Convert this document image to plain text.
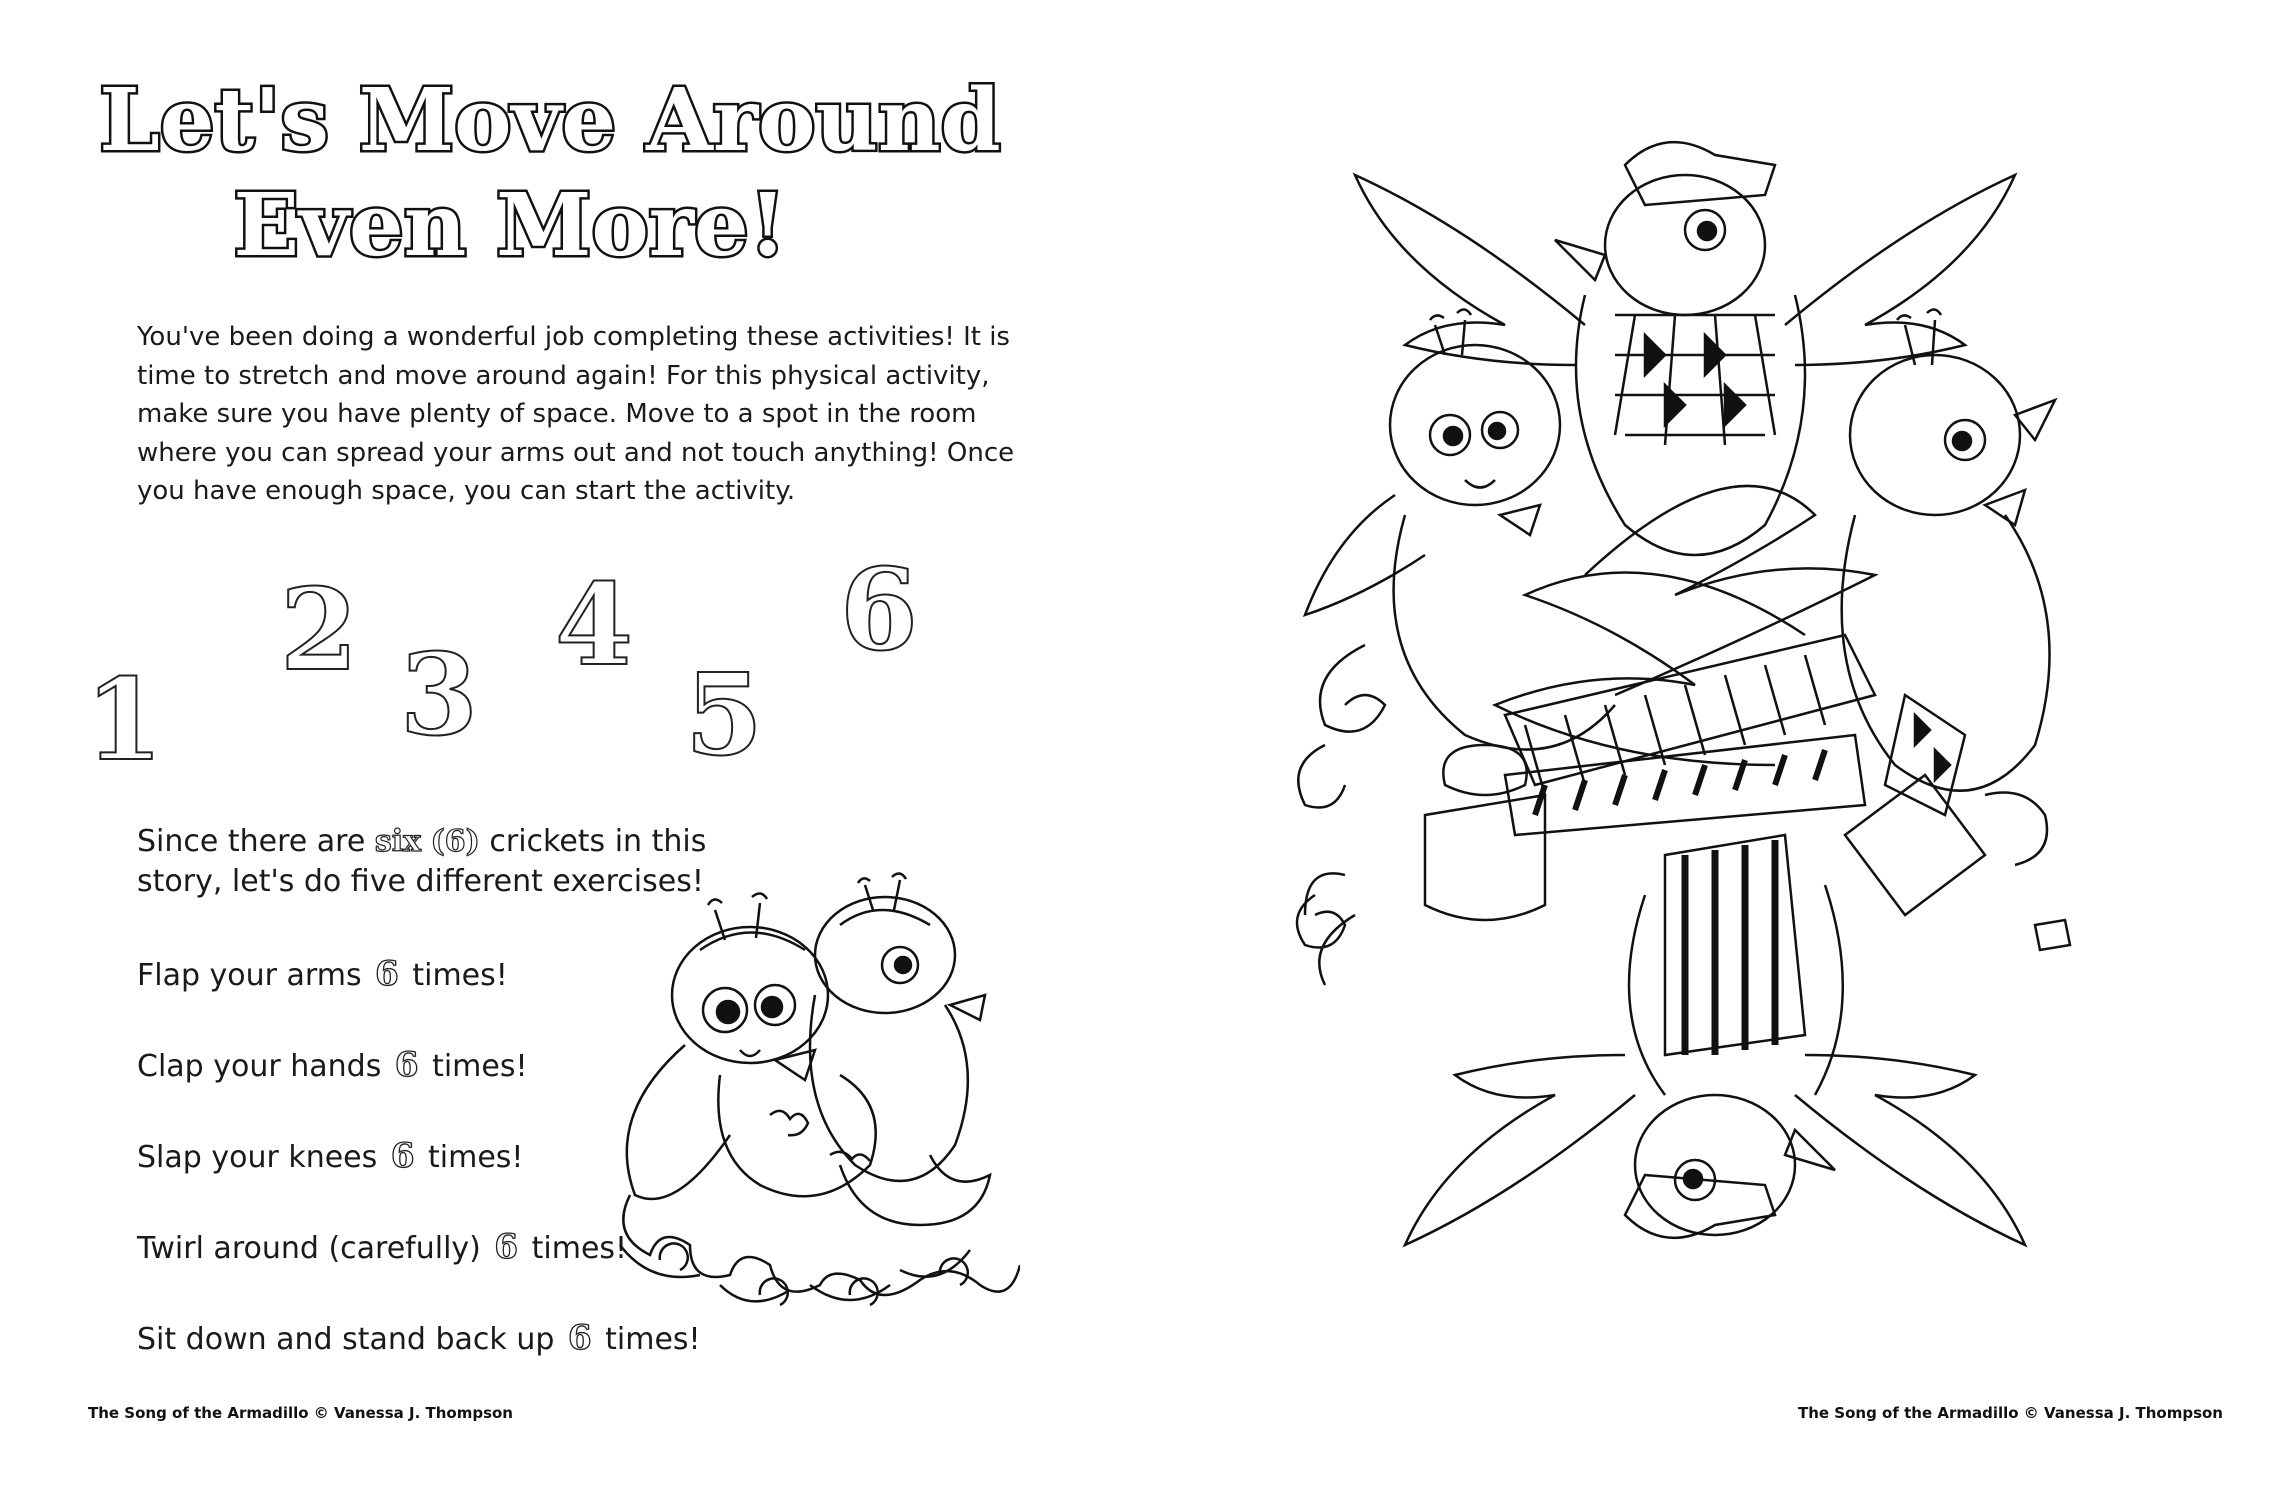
Let's Move Around
Even More!

You've been doing a wonderful job completing these activities! It is time to stretch and move around again! For this physical activity, make sure you have plenty of space. Move to a spot in the room where you can spread your arms out and not touch anything! Once you have enough space, you can start the activity.

1
2 3
4
5
6

Since there are six (6) crickets in this story, let's do five different exercises!

Flap your arms 6 times!
Clap your hands 6 times!
Slap your knees 6 times!
Twirl around (carefully) 6 times!
Sit down and stand back up 6 times!
The Song of the Armadillo © Vanessa J. Thompson	The Song of the Armadillo © Vanessa J. Thompson
